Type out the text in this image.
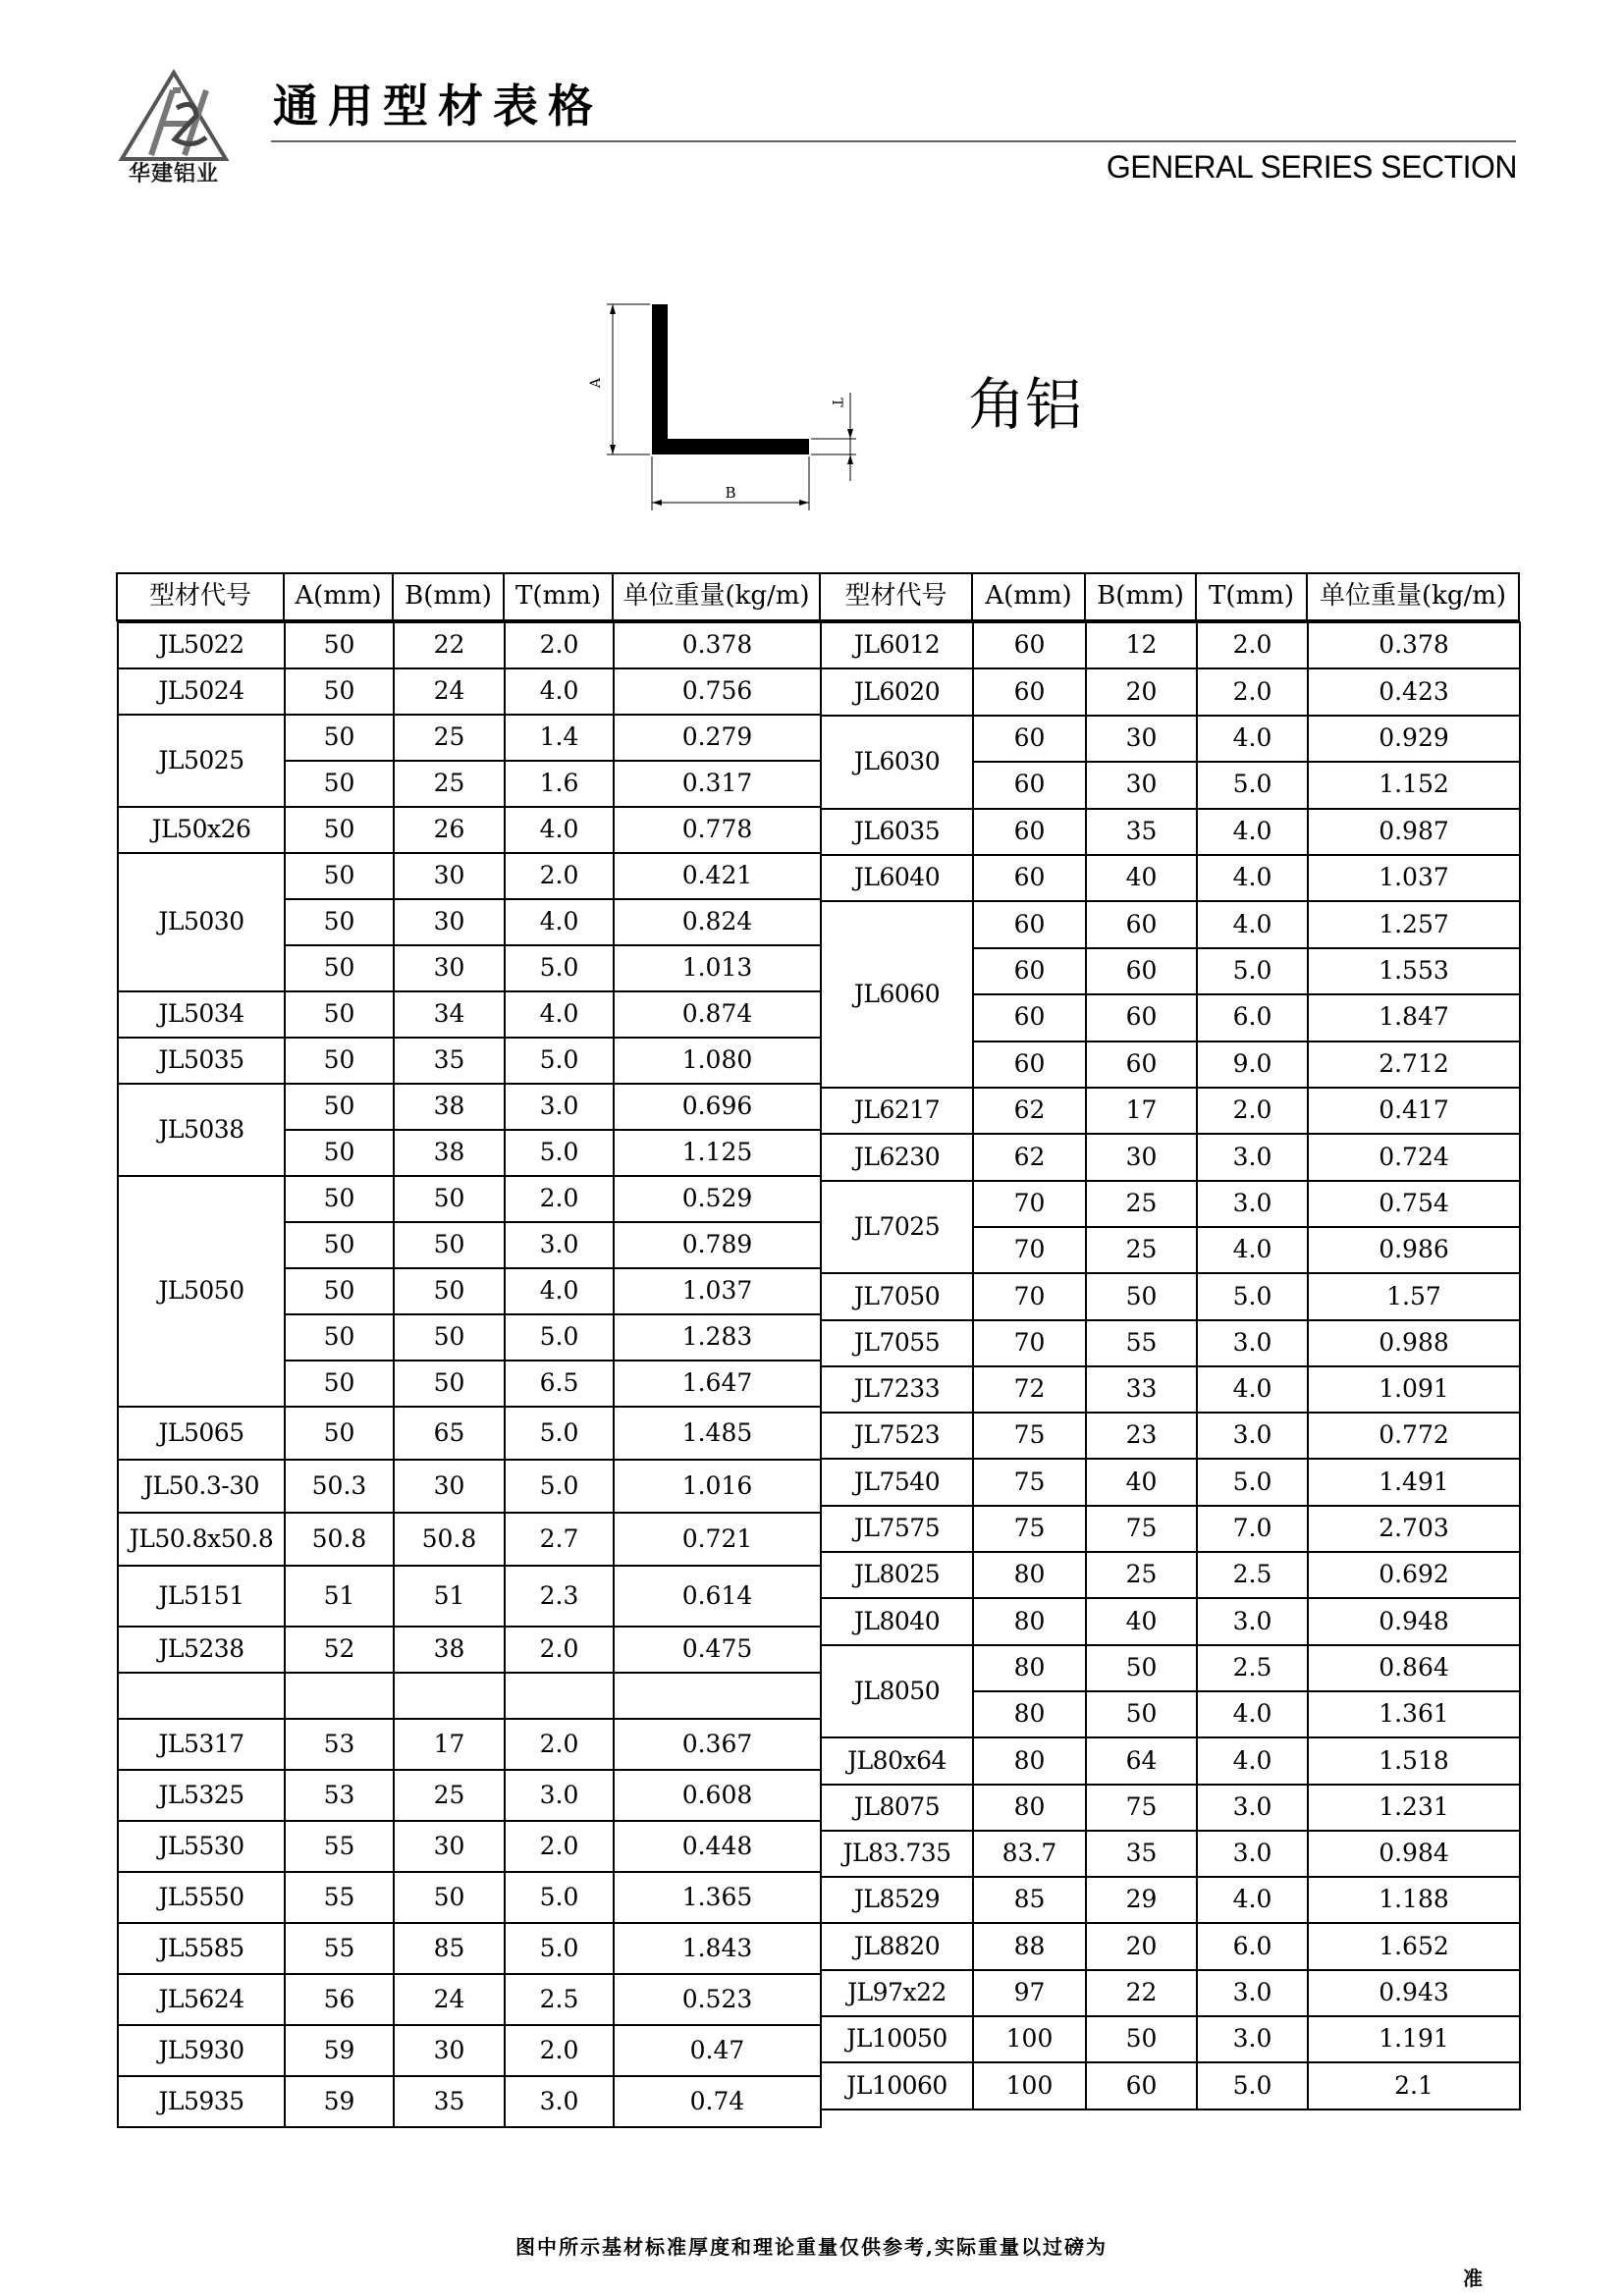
华建铝业
通用型材表格
GENERAL SERIES SECTION
A
B
T 角铝
型材代号	A(mm)	B(mm)	T(mm)	单位重量(kg/m)	型材代号	A(mm)	B(mm)	T(mm)	单位重量(kg/m)

JL5022	50	22	2.0	0.378
JL5024	50	24	4.0	0.756
JL5025	50	25	1.4	0.279
50	25	1.6	0.317
JL50x26	50	26	4.0	0.778
JL5030	50	30	2.0	0.421
50	30	4.0	0.824
50	30	5.0	1.013
JL5034	50	34	4.0	0.874
JL5035	50	35	5.0	1.080
JL5038	50	38	3.0	0.696
50	38	5.0	1.125
JL5050	50	50	2.0	0.529
50	50	3.0	0.789
50	50	4.0	1.037
50	50	5.0	1.283
50	50	6.5	1.647
JL5065	50	65	5.0	1.485
JL50.3-30	50.3	30	5.0	1.016
JL50.8x50.8	50.8	50.8	2.7	0.721
JL5151	51	51	2.3	0.614
JL5238	52	38	2.0	0.475

JL5317	53	17	2.0	0.367
JL5325	53	25	3.0	0.608
JL5530	55	30	2.0	0.448
JL5550	55	50	5.0	1.365
JL5585	55	85	5.0	1.843
JL5624	56	24	2.5	0.523
JL5930	59	30	2.0	0.47
JL5935	59	35	3.0	0.74

JL6012	60	12	2.0	0.378
JL6020	60	20	2.0	0.423
JL6030	60	30	4.0	0.929
60	30	5.0	1.152
JL6035	60	35	4.0	0.987
JL6040	60	40	4.0	1.037
JL6060	60	60	4.0	1.257
60	60	5.0	1.553
60	60	6.0	1.847
60	60	9.0	2.712
JL6217	62	17	2.0	0.417
JL6230	62	30	3.0	0.724
JL7025	70	25	3.0	0.754
70	25	4.0	0.986
JL7050	70	50	5.0	1.57
JL7055	70	55	3.0	0.988
JL7233	72	33	4.0	1.091
JL7523	75	23	3.0	0.772
JL7540	75	40	5.0	1.491
JL7575	75	75	7.0	2.703
JL8025	80	25	2.5	0.692
JL8040	80	40	3.0	0.948
JL8050	80	50	2.5	0.864
80	50	4.0	1.361
JL80x64	80	64	4.0	1.518
JL8075	80	75	3.0	1.231
JL83.735	83.7	35	3.0	0.984
JL8529	85	29	4.0	1.188
JL8820	88	20	6.0	1.652
JL97x22	97	22	3.0	0.943
JL10050	100	50	3.0	1.191
JL10060	100	60	5.0	2.1
图中所示基材标准厚度和理论重量仅供参考,实际重量以过磅为
准
